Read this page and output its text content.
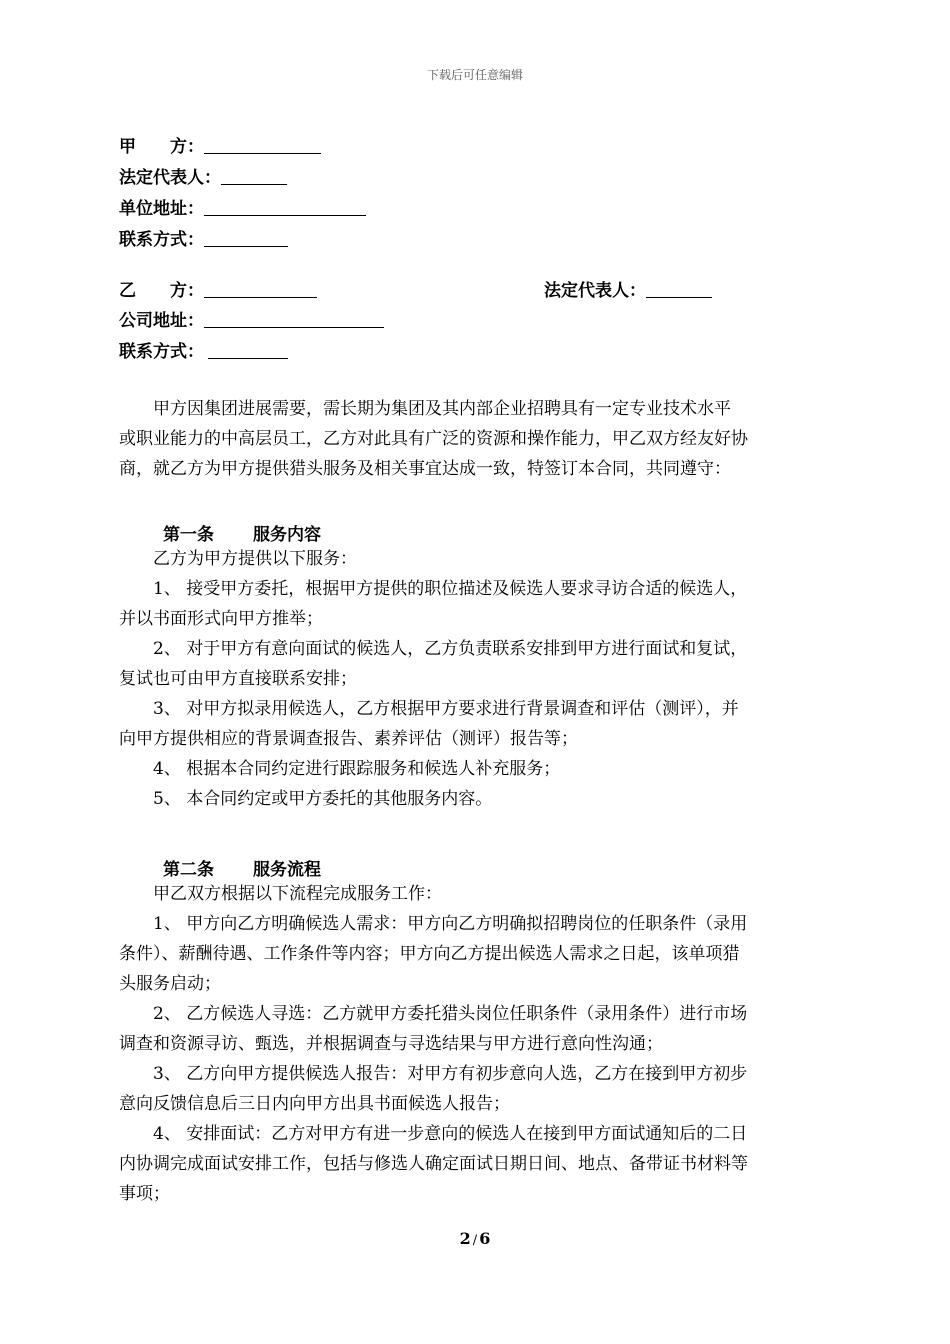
下载后可任意编辑
甲　　方：
法定代表人：
单位地址：
联系方式：
乙　　方：	法定代表人：
公司地址：
联系方式：
　　甲方因集团进展需要，需长期为集团及其内部企业招聘具有一定专业技术水平
或职业能力的中高层员工，乙方对此具有广泛的资源和操作能力，甲乙双方经友好协
商，就乙方为甲方提供猎头服务及相关事宜达成一致，特签订本合同，共同遵守：
第一条 服务内容
　　乙方为甲方提供以下服务：
　　1、 接受甲方委托，根据甲方提供的职位描述及候选人要求寻访合适的候选人，
并以书面形式向甲方推举；
　　2、 对于甲方有意向面试的候选人，乙方负责联系安排到甲方进行面试和复试，
复试也可由甲方直接联系安排；
　　3、 对甲方拟录用候选人，乙方根据甲方要求进行背景调查和评估（测评），并
向甲方提供相应的背景调查报告、素养评估（测评）报告等；
　　4、 根据本合同约定进行跟踪服务和候选人补充服务；
　　5、 本合同约定或甲方委托的其他服务内容。
第二条 服务流程
　　甲乙双方根据以下流程完成服务工作：
　　1、 甲方向乙方明确候选人需求：甲方向乙方明确拟招聘岗位的任职条件（录用
条件）、薪酬待遇、工作条件等内容；甲方向乙方提出候选人需求之日起，该单项猎
头服务启动；
　　2、 乙方候选人寻选：乙方就甲方委托猎头岗位任职条件（录用条件）进行市场
调查和资源寻访、甄选，并根据调查与寻选结果与甲方进行意向性沟通；
　　3、 乙方向甲方提供候选人报告：对甲方有初步意向人选，乙方在接到甲方初步
意向反馈信息后三日内向甲方出具书面候选人报告；
　　4、 安排面试：乙方对甲方有进一步意向的候选人在接到甲方面试通知后的二日
内协调完成面试安排工作，包括与修选人确定面试日期日间、地点、备带证书材料等
事项；
2 / 6
